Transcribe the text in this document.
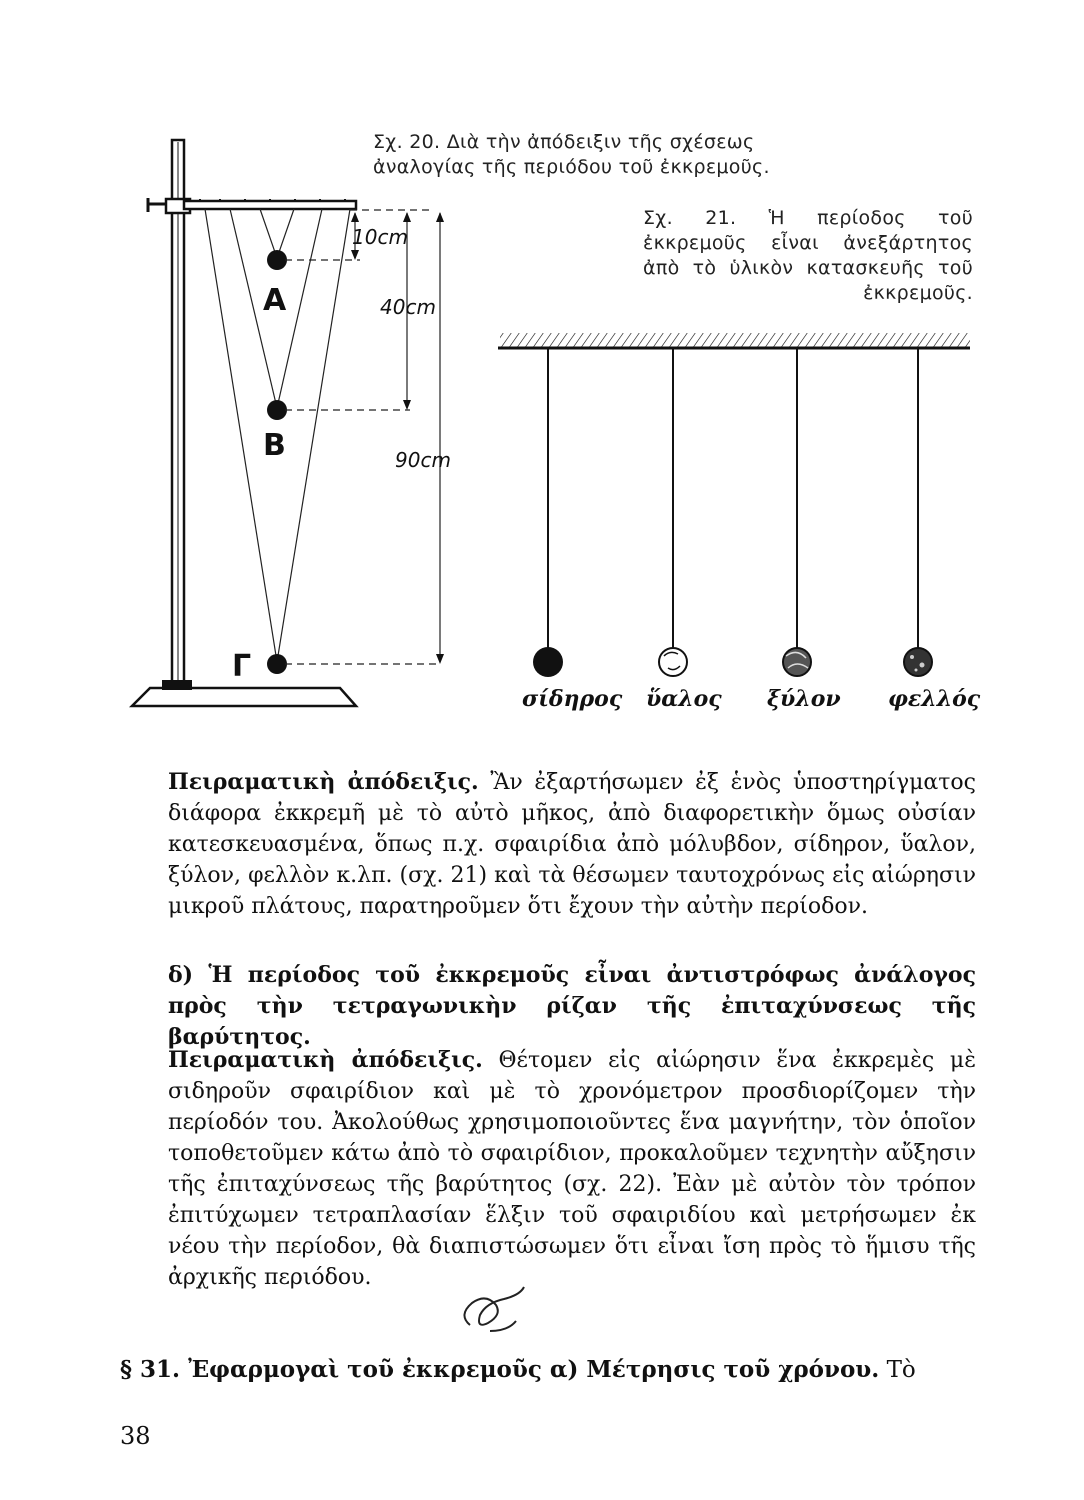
Α
Β
Γ
10cm
40cm
90cm
σίδηρος ὕαλος ξύλον φελλός
Σχ. 20. Διὰ τὴν ἀπόδειξιν τῆς σχέσεως ἀναλογίας τῆς περιόδου τοῦ ἐκκρεμοῦς.
Σχ. 21. Ἡ περίοδος τοῦ ἐκκρεμοῦς εἶναι ἀνεξάρτητος ἀπὸ τὸ ὑλικὸν κατασκευῆς τοῦ ἐκκρεμοῦς.
Πειραματικὴ ἀπόδειξις. Ἂν ἐξαρτήσωμεν ἐξ ἑνὸς ὑποστηρίγματος διάφορα ἐκκρεμῆ μὲ τὸ αὐτὸ μῆκος, ἀπὸ διαφορετικὴν ὅμως οὐσίαν κατεσκευασμένα, ὅπως π.χ. σφαιρίδια ἀπὸ μόλυβδον, σίδηρον, ὕαλον, ξύλον, φελλὸν κ.λπ. (σχ. 21) καὶ τὰ θέσωμεν ταυτοχρόνως εἰς αἰώρησιν μικροῦ πλάτους, παρατηροῦμεν ὅτι ἔχουν τὴν αὐτὴν περίοδον.
δ) Ἡ περίοδος τοῦ ἐκκρεμοῦς εἶναι ἀντιστρόφως ἀνάλογος πρὸς τὴν τετραγωνικὴν ρίζαν τῆς ἐπιταχύνσεως τῆς βαρύτητος.
Πειραματικὴ ἀπόδειξις. Θέτομεν εἰς αἰώρησιν ἕνα ἐκκρεμὲς μὲ σιδηροῦν σφαιρίδιον καὶ μὲ τὸ χρονόμετρον προσδιορίζομεν τὴν περίοδόν του. Ἀκολούθως χρησιμοποιοῦντες ἕνα μαγνήτην, τὸν ὁποῖον τοποθετοῦμεν κάτω ἀπὸ τὸ σφαιρίδιον, προκαλοῦμεν τεχνητὴν αὔξησιν τῆς ἐπιταχύνσεως τῆς βαρύτητος (σχ. 22). Ἐὰν μὲ αὐτὸν τὸν τρόπον ἐπιτύχωμεν τετραπλασίαν ἕλξιν τοῦ σφαιριδίου καὶ μετρήσωμεν ἐκ νέου τὴν περίοδον, θὰ διαπιστώσωμεν ὅτι εἶναι ἴση πρὸς τὸ ἥμισυ τῆς ἀρχικῆς περιόδου.
§ 31. Ἐφαρμογαὶ τοῦ ἐκκρεμοῦς α) Μέτρησις τοῦ χρόνου. Τὸ
38
